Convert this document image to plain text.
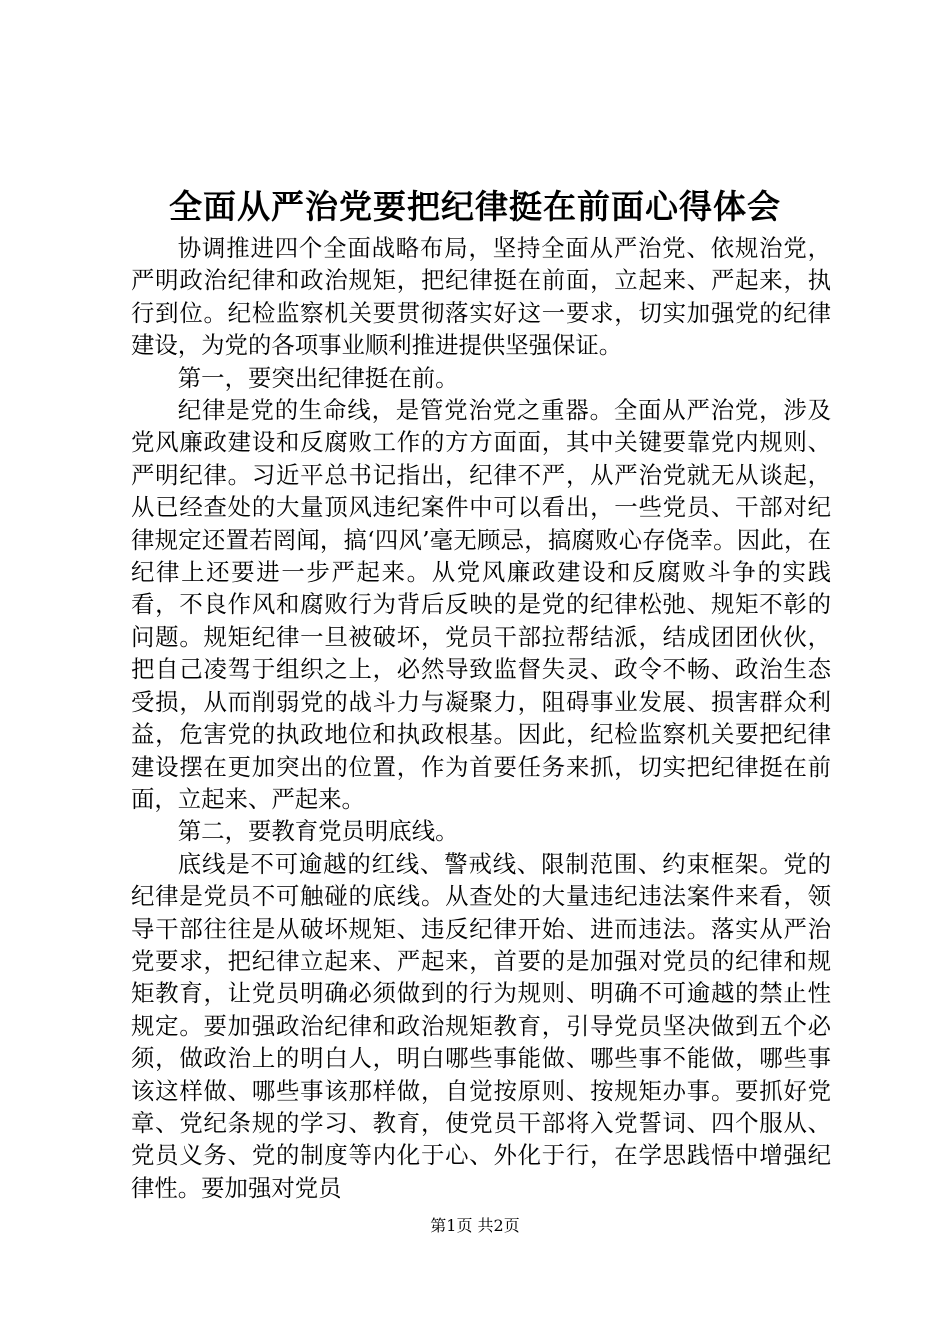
全面从严治党要把纪律挺在前面心得体会

协调推进四个全面战略布局，坚持全面从严治党、依规治党，严明政治纪律和政治规矩，把纪律挺在前面，立起来、严起来，执行到位。纪检监察机关要贯彻落实好这一要求，切实加强党的纪律建设，为党的各项事业顺利推进提供坚强保证。

第一，要突出纪律挺在前。

纪律是党的生命线，是管党治党之重器。全面从严治党，涉及党风廉政建设和反腐败工作的方方面面，其中关键要靠党内规则、严明纪律。习近平总书记指出，纪律不严，从严治党就无从谈起，从已经查处的大量顶风违纪案件中可以看出，一些党员、干部对纪律规定还置若罔闻，搞‘四风’毫无顾忌，搞腐败心存侥幸。因此，在纪律上还要进一步严起来。从党风廉政建设和反腐败斗争的实践看，不良作风和腐败行为背后反映的是党的纪律松弛、规矩不彰的问题。规矩纪律一旦被破坏，党员干部拉帮结派，结成团团伙伙，把自己凌驾于组织之上，必然导致监督失灵、政令不畅、政治生态受损，从而削弱党的战斗力与凝聚力，阻碍事业发展、损害群众利益，危害党的执政地位和执政根基。因此，纪检监察机关要把纪律建设摆在更加突出的位置，作为首要任务来抓，切实把纪律挺在前面，立起来、严起来。

第二，要教育党员明底线。

底线是不可逾越的红线、警戒线、限制范围、约束框架。党的纪律是党员不可触碰的底线。从查处的大量违纪违法案件来看，领导干部往往是从破坏规矩、违反纪律开始、进而违法。落实从严治党要求，把纪律立起来、严起来，首要的是加强对党员的纪律和规矩教育，让党员明确必须做到的行为规则、明确不可逾越的禁止性规定。要加强政治纪律和政治规矩教育，引导党员坚决做到五个必须，做政治上的明白人，明白哪些事能做、哪些事不能做，哪些事该这样做、哪些事该那样做，自觉按原则、按规矩办事。要抓好党章、党纪条规的学习、教育，使党员干部将入党誓词、四个服从、党员义务、党的制度等内化于心、外化于行，在学思践悟中增强纪律性。要加强对党员

第1页 共2页
